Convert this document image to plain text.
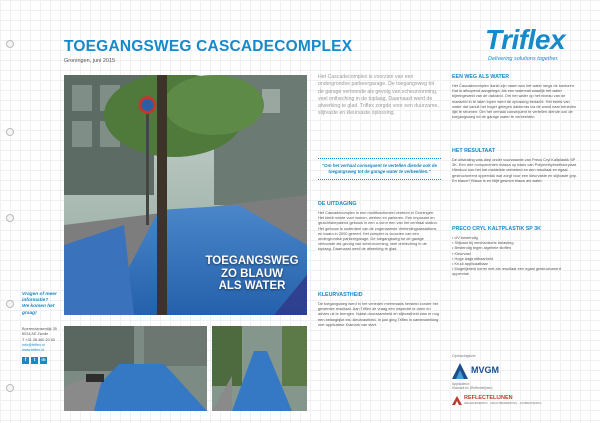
TOEGANGSWEG CASCADECOMPLEX
Groningen, juni 2015
Triflex
Delivering solutions together.
TOEGANGSWEG
ZO BLAUW
ALS WATER
Het Cascadecomplex is voorzien van een ondergrondse parkeergarage. De toegangsweg tot de garage vertoonde als gevolg van scheurvorming, veel ontheching in de toplaag. Daarnaast werd de afwerking te glad. Triflex zorgde voor een duurzame, slijtvaste en kleurvaste oplossing.
"Om het verhaal consequent te vertellen diende ook de toegangsweg tot de garage water te verbeelden."
DE UITDAGING
Het Cascadecomplex is een multifunctioneel centrum in Groningen. Het biedt ruimte voor wonen, werken en parkeren. Een imposant en gezichtsbepalend gebouw in een u-vorm een van het centraal station. Het gebouw is onderdeel van de zogenaamde Verbindingsasstations en kwam in 2000 gereed. Het complex is voorzien van een ondergrondse parkeergarage. De toegangsweg tot de garage vertoonde als gevolg van scheurvorming, veel ontheching in de toplaag. Daarnaast werd de afwerking te glad.
KLEURVASTHEID
De toegangsweg werd in het verleden meermaals hersteld zonder het gewenste resultaat. Aan Triflex de vraag een inspectie te doen en advies uit te brengen. Naast duurzaamheid en slijtvastheid was er nog een belangrijke eis: kleurvastheid. In juni ging Triflex in samenwerking met applicateur Klamark van start.
EEN WEG ALS WATER
Het Cascadecomplex dankt zijn naam aan het water langs de kantoren. Dat is afloopend aangelegd. Als een watervall waarlijk het water bijeengeweld van de dakrand. Om het water op het niveau van de maaiveld in te laten lopen werd de oplossing bedacht. Het beeld van water dat vanuit het hoger gelegen dakterras via de wand naar beneden lijkt te stromen. Om het verhaal consequent te vertellen diende ook de toegangsweg tot de garage water te verbeelden.
HET RESULTAAT
De uitstraling was diep onder voorwaarde van Preco Cryl Kaltplastik SP 3K. Een drie componenten massa op basis van Polymethylmethacrylaat. Hierdoor kon het het middelste verbeterd en een resultaat en egaal gestructureerd oppervlak wat zorgt voor een kleurvaste en slijtvaste grip. En blauw? Blauw is en blijft gewoon blauw als water.
PRECO CRYL KALTPLASTIK SP 3K
• UV bestendig
• Slijtvast bij mechanische belasting
• Bestendig tegen algehele stoffen
• Kleurvast
• Hoge dagtrottbaarheid
• Kruul applicaatbaar
• Mogelijkheid korrel met als resultaat een egaal gestructureerd oppervlak
Opdrachtgever
MVGM
Applicateur:
Klamark bv (Reflectelijnen)
REFLECTELIJNEN
WEGMARKERING · ASFALTBEWERKING · AANBESTEDING
Vragen of meer
informatie?
We komen het graag!
Boerendanserdijk 35
8024 AE Zwolle
T +31 38 460 20 50
info@triflex.nl
www.triflex.nl
f	t	in
